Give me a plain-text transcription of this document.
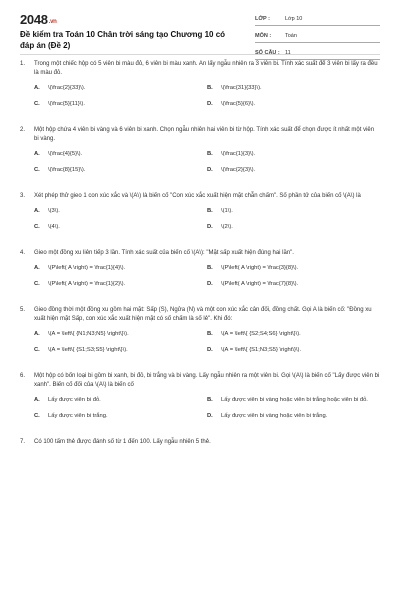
2048.vn
Đề kiểm tra Toán 10 Chân trời sáng tạo Chương 10 có đáp án (Đề 2)
LỚP :	Lớp 10
MÔN :	Toán
SỐ CÂU : 11
1.	Trong một chiếc hộp có 5 viên bi màu đỏ, 6 viên bi màu xanh. An lấy ngẫu nhiên ra 3 viên bi. Tính xác suất để 3 viên bi lấy ra đều là màu đỏ.
A.	\(\frac{2}{33}\).	B.	\(\frac{31}{33}\).
C.	\(\frac{5}{11}\).	D.	\(\frac{5}{6}\).
2.	Một hộp chứa 4 viên bi vàng và 6 viên bi xanh. Chọn ngẫu nhiên hai viên bi từ hộp. Tính xác suất để chọn được ít nhất một viên bi vàng.
A.	\(\frac{4}{5}\).	B.	\(\frac{1}{3}\).
C.	\(\frac{8}{15}\).	D.	\(\frac{2}{3}\).
3.	Xét phép thử gieo 1 con xúc xắc và \(A\) là biến cố "Con xúc xắc xuất hiện mặt chẵn chấm". Số phần tử của biến cố \(A\) là
A.	\(3\).	B.	\(1\).
C.	\(4\).	D.	\(2\).
4.	Gieo một đồng xu liên tiếp 3 lần. Tính xác suất của biến cố \(A\): "Mặt sấp xuất hiện đúng hai lần".
A.	\(P\left( A \right) = \frac{1}{4}\).	B.	\(P\left( A \right) = \frac{3}{8}\).
C.	\(P\left( A \right) = \frac{1}{2}\).	D.	\(P\left( A \right) = \frac{7}{8}\).
5.	Gieo đồng thời một đồng xu gồm hai mặt: Sấp (S), Ngửa (N) và một con xúc xắc cân đối, đồng chất. Gọi A là biến cố: "Đồng xu xuất hiện mặt Sấp, con xúc xắc xuất hiện mặt có số chấm là số lẻ". Khi đó:
A.	\(A = \left\{ {N1;N3;N5} \right\}\).	B.	\(A = \left\{ {S2;S4;S6} \right\}\).
C.	\(A = \left\{ {S1;S3;S5} \right\}\).	D.	\(A = \left\{ {S1;N3;S5} \right\}\).
6.	Một hộp có bốn loại bi gồm bi xanh, bi đỏ, bi trắng và bi vàng. Lấy ngẫu nhiên ra một viên bi. Gọi \(A\) là biến cố "Lấy được viên bi xanh". Biến cố đối của \(A\) là biến cố
A.	Lấy được viên bi đỏ.	B.	Lấy được viên bi vàng hoặc viên bi trắng hoặc viên bi đỏ.
C.	Lấy được viên bi trắng.	D.	Lấy được viên bi vàng hoặc viên bi trắng.
7.	Có 100 tấm thẻ được đánh số từ 1 đến 100. Lấy ngẫu nhiên 5 thẻ.
